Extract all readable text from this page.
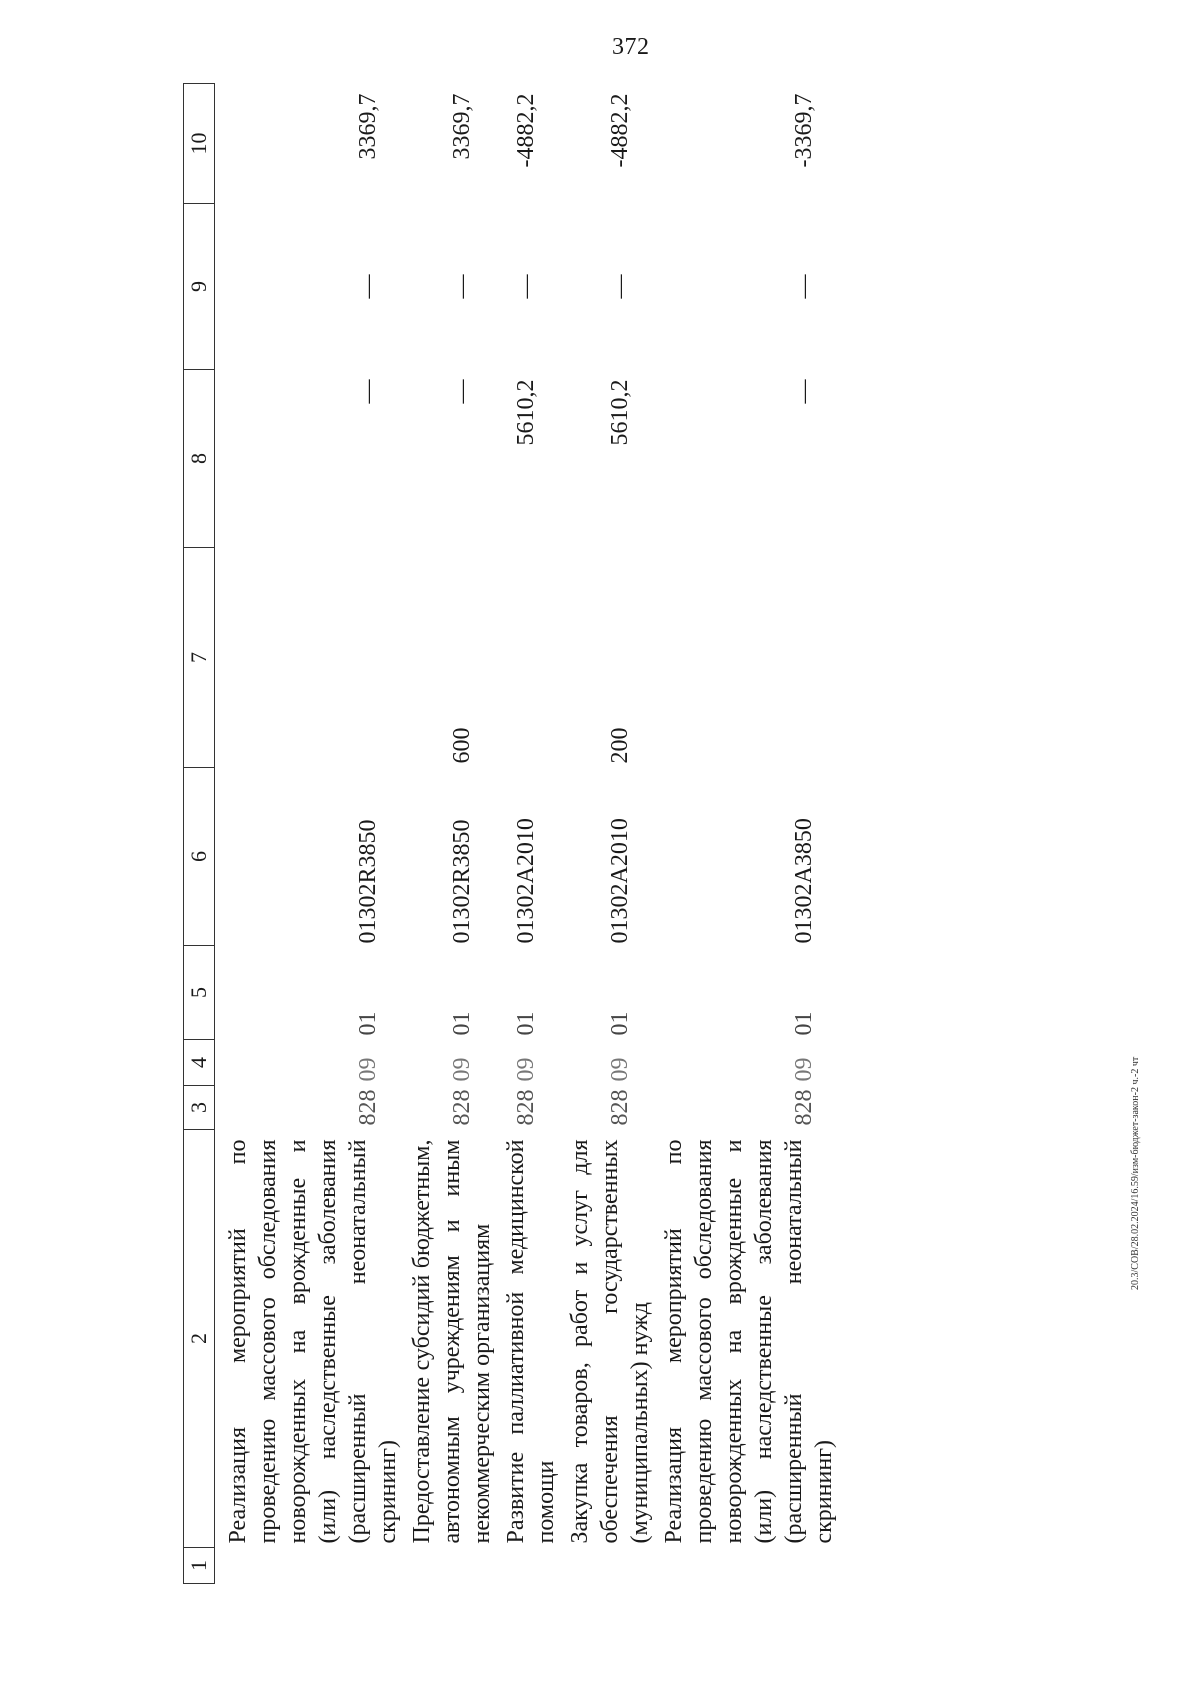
372
1	2	3	4	5	6	7	8	9	10
	Реализация мероприятий по проведению массового обследования новорожденных на врожденные и (или) наследственные заболевания (расширенный неонатальный скрининг)	828	09	01	01302R3850		—	—	3369,7
	Предоставление субсидий бюджетным, автономным учреждениям и иным некоммерческим организациям	828	09	01	01302R3850	600	—	—	3369,7
	Развитие паллиативной медицинской помощи	828	09	01	01302А2010		5610,2	—	-4882,2
	Закупка товаров, работ и услуг для обеспечения государственных (муниципальных) нужд	828	09	01	01302А2010	200	5610,2	—	-4882,2
	Реализация мероприятий по проведению массового обследования новорожденных на врожденные и (или) наследственные заболевания (расширенный неонатальный скрининг)	828	09	01	01302А3850		—	—	-3369,7
20.3/СОВ/28.02.2024/16.59/изм-бюджет-закон-2 ч.-2 чт
